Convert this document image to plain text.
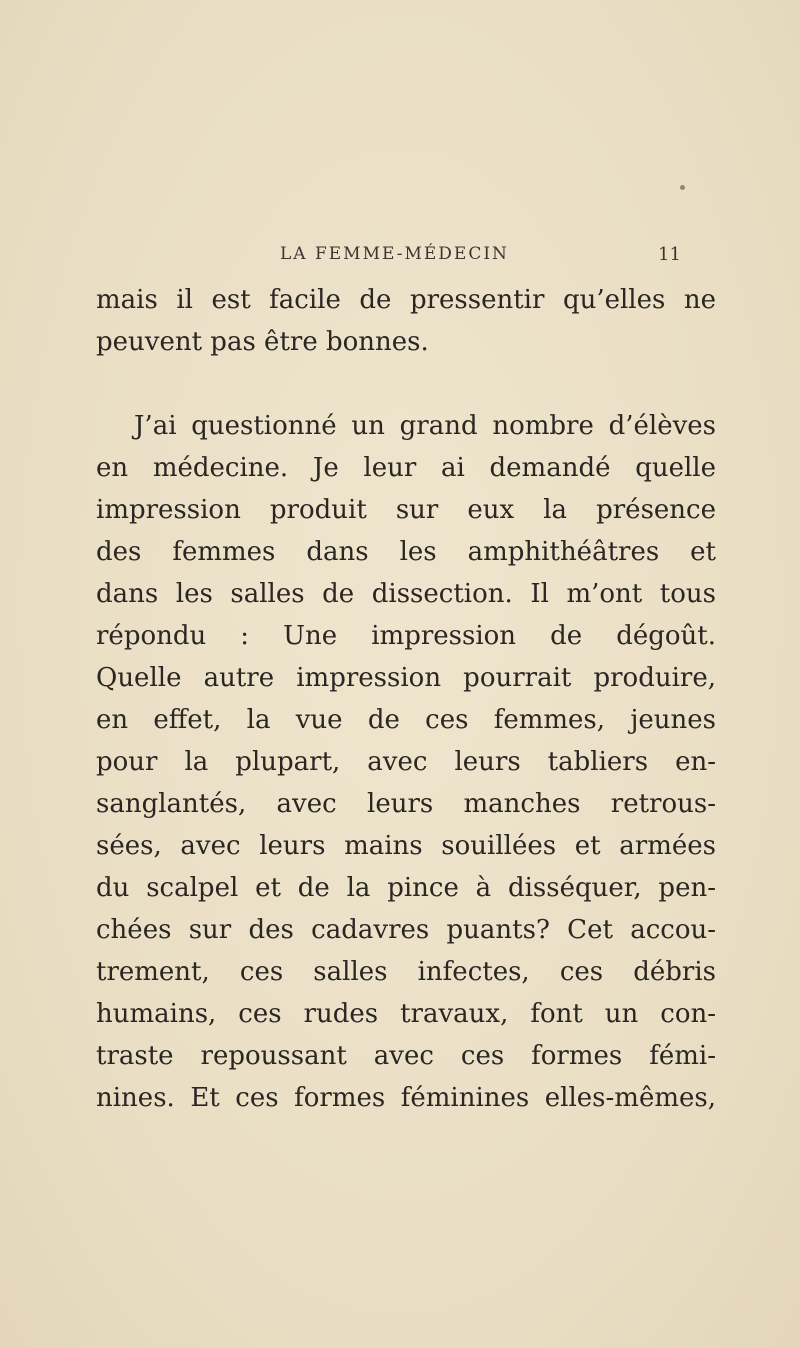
LA FEMME-MÉDECIN	11
mais il est facile de pressentir qu’elles ne
peuvent pas être bonnes.
J’ai questionné un grand nombre d’élèves
en médecine. Je leur ai demandé quelle
impression produit sur eux la présence
des femmes dans les amphithéâtres et
dans les salles de dissection. Il m’ont tous
répondu : Une impression de dégoût.
Quelle autre impression pourrait produire,
en effet, la vue de ces femmes, jeunes
pour la plupart, avec leurs tabliers en-
sanglantés, avec leurs manches retrous-
sées, avec leurs mains souillées et armées
du scalpel et de la pince à disséquer, pen-
chées sur des cadavres puants? Cet accou-
trement, ces salles infectes, ces débris
humains, ces rudes travaux, font un con-
traste repoussant avec ces formes fémi-
nines. Et ces formes féminines elles-mêmes,
